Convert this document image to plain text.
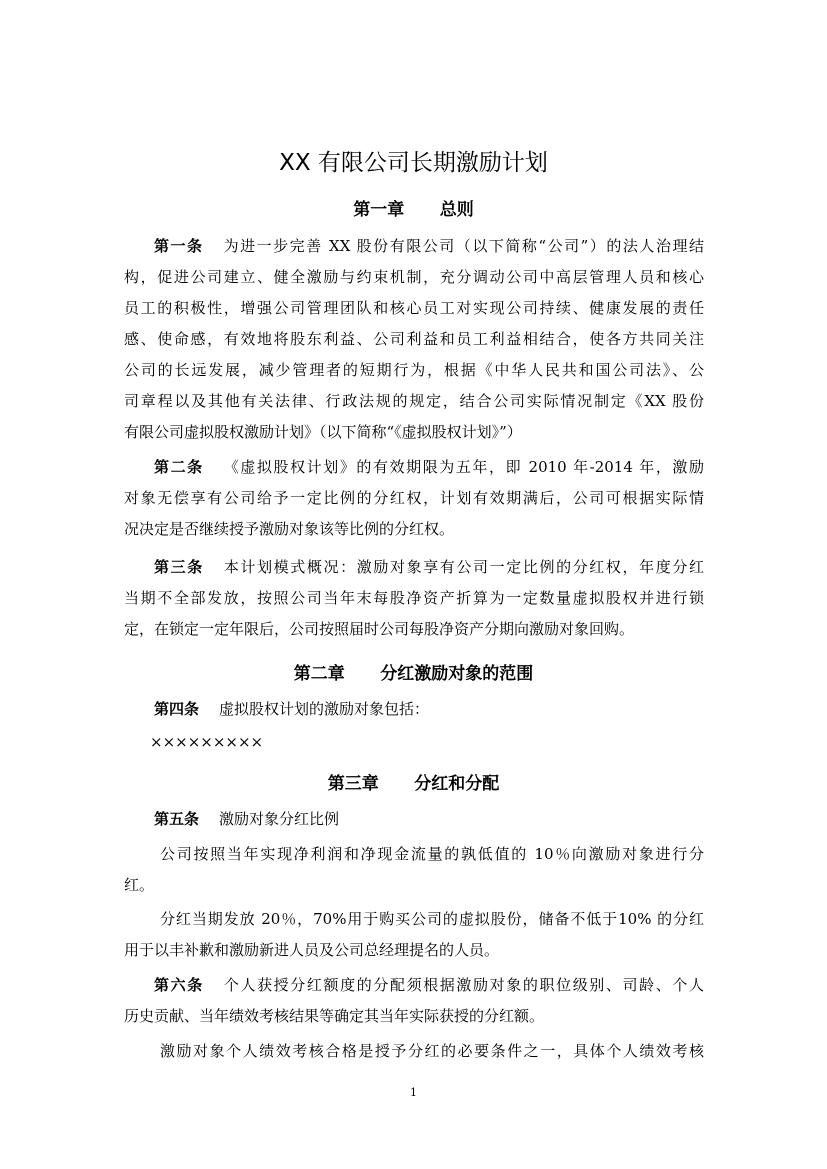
XX 有限公司长期激励计划
第一章      总则
第一条 为进一步完善 XX 股份有限公司（以下简称“公司”）的法人治理结
构，促进公司建立、健全激励与约束机制，充分调动公司中高层管理人员和核心
员工的积极性，增强公司管理团队和核心员工对实现公司持续、健康发展的责任
感、使命感，有效地将股东利益、公司利益和员工利益相结合，使各方共同关注
公司的长远发展，减少管理者的短期行为，根据《中华人民共和国公司法》、公
司章程以及其他有关法律、行政法规的规定，结合公司实际情况制定《XX 股份
有限公司虚拟股权激励计划》（以下简称“《虚拟股权计划》”）
第二条 《虚拟股权计划》的有效期限为五年，即 2010 年-2014 年，激励
对象无偿享有公司给予一定比例的分红权，计划有效期满后，公司可根据实际情
况决定是否继续授予激励对象该等比例的分红权。
第三条 本计划模式概况：激励对象享有公司一定比例的分红权，年度分红
当期不全部发放，按照公司当年末每股净资产折算为一定数量虚拟股权并进行锁
定，在锁定一定年限后，公司按照届时公司每股净资产分期向激励对象回购。
第二章      分红激励对象的范围
第四条 虚拟股权计划的激励对象包括：
×××××××××
第三章      分红和分配
第五条 激励对象分红比例
公司按照当年实现净利润和净现金流量的孰低值的 10％向激励对象进行分
红。
分红当期发放 20％，70%用于购买公司的虚拟股份，储备不低于10% 的分红
用于以丰补歉和激励新进人员及公司总经理提名的人员。
第六条 个人获授分红额度的分配须根据激励对象的职位级别、司龄、个人
历史贡献、当年绩效考核结果等确定其当年实际获授的分红额。
激励对象个人绩效考核合格是授予分红的必要条件之一，具体个人绩效考核
1
